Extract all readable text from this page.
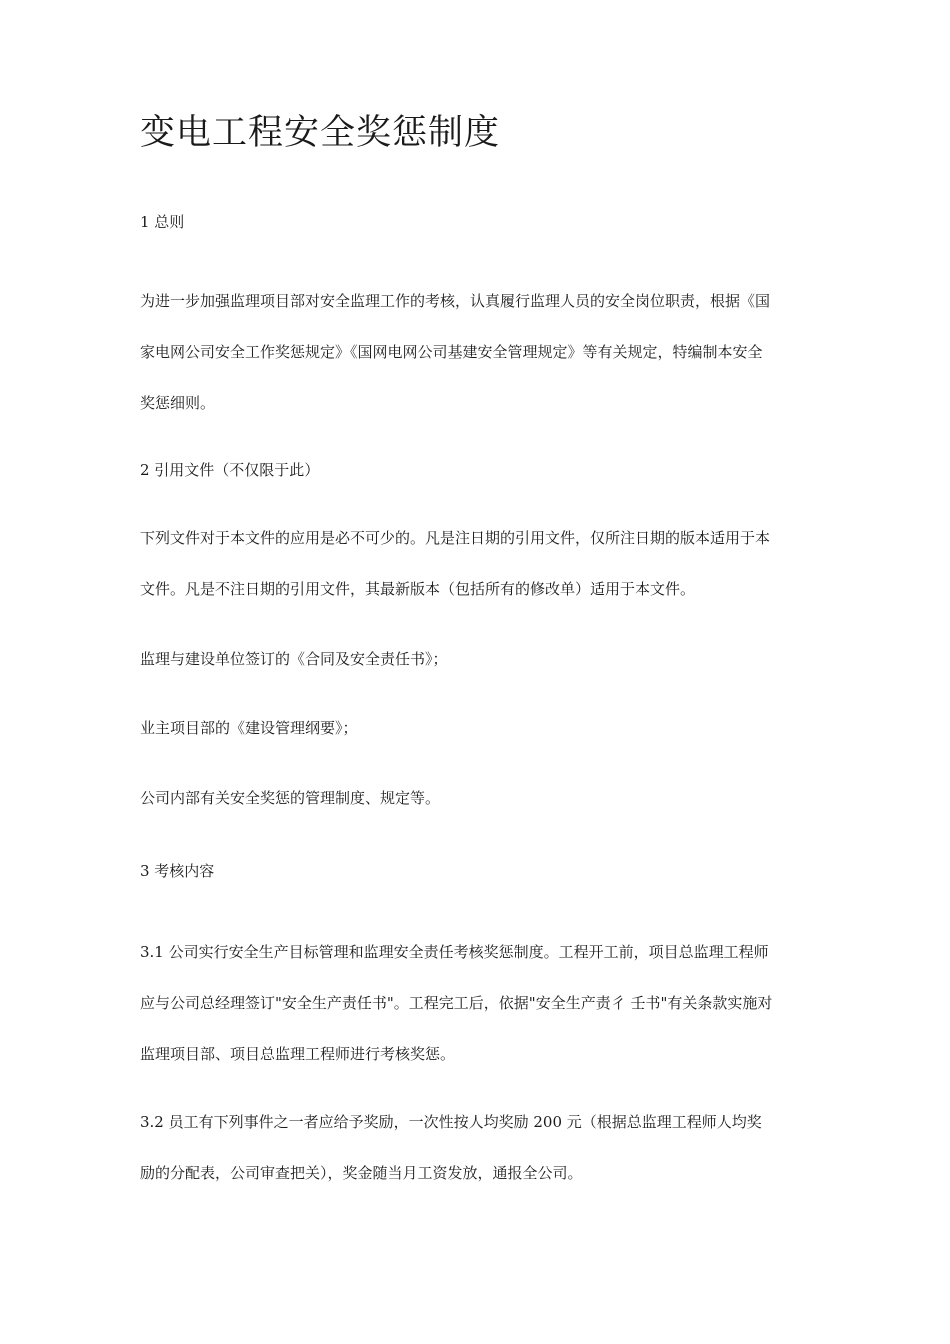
变电工程安全奖惩制度

1 总则

为进一步加强监理项目部对安全监理工作的考核，认真履行监理人员的安全岗位职责，根据《国

家电网公司安全工作奖惩规定》《国网电网公司基建安全管理规定》等有关规定，特编制本安全

奖惩细则。

2 引用文件（不仅限于此）

下列文件对于本文件的应用是必不可少的。凡是注日期的引用文件，仅所注日期的版本适用于本

文件。凡是不注日期的引用文件，其最新版本（包括所有的修改单）适用于本文件。

监理与建设单位签订的《合同及安全责任书》；

业主项目部的《建设管理纲要》；

公司内部有关安全奖惩的管理制度、规定等。

3 考核内容

3.1 公司实行安全生产目标管理和监理安全责任考核奖惩制度。工程开工前，项目总监理工程师

应与公司总经理签订"安全生产责任书"。工程完工后，依据"安全生产责彳 壬书"有关条款实施对

监理项目部、项目总监理工程师进行考核奖惩。

3.2 员工有下列事件之一者应给予奖励，一次性按人均奖励 200 元（根据总监理工程师人均奖

励的分配表，公司审查把关），奖金随当月工资发放，通报全公司。
